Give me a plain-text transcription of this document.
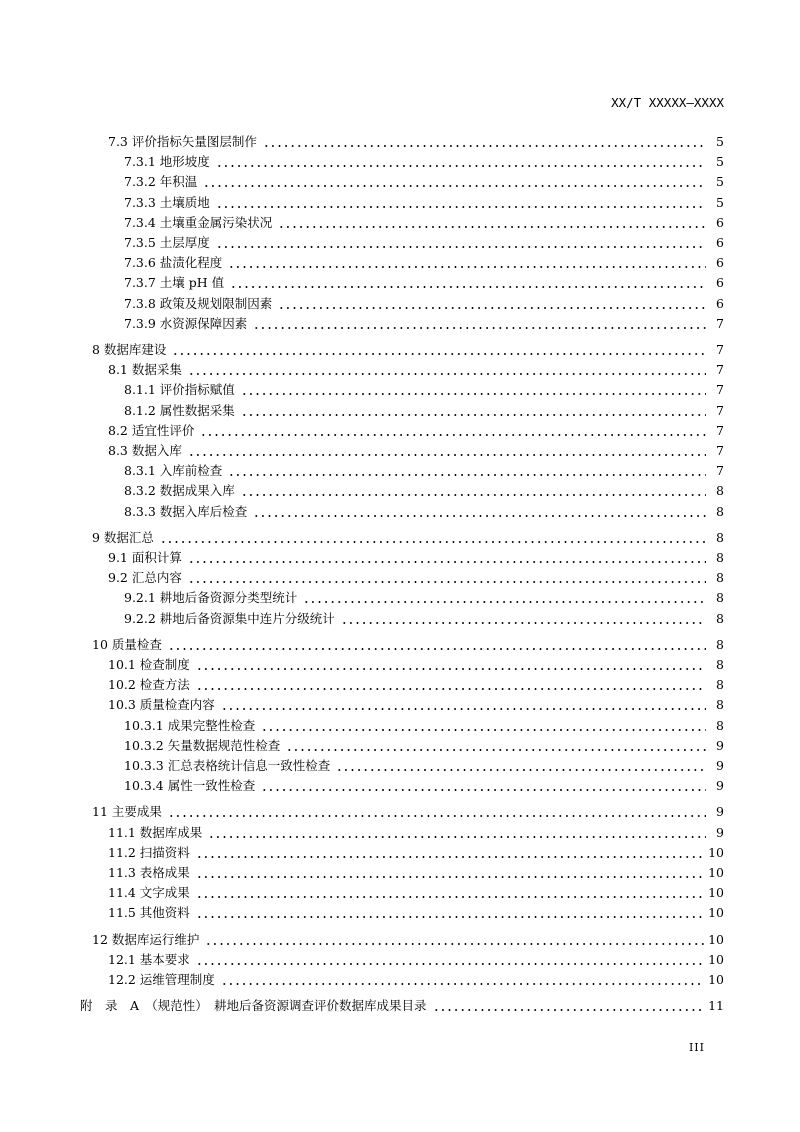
XX/T XXXXX—XXXX
7.3 评价指标矢量图层制作	5
7.3.1 地形坡度	5
7.3.2 年积温	5
7.3.3 土壤质地	5
7.3.4 土壤重金属污染状况	6
7.3.5 土层厚度	6
7.3.6 盐渍化程度	6
7.3.7 土壤 pH 值	6
7.3.8 政策及规划限制因素	6
7.3.9 水资源保障因素	7
8 数据库建设	7
8.1 数据采集	7
8.1.1 评价指标赋值	7
8.1.2 属性数据采集	7
8.2 适宜性评价	7
8.3 数据入库	7
8.3.1 入库前检查	7
8.3.2 数据成果入库	8
8.3.3 数据入库后检查	8
9 数据汇总	8
9.1 面积计算	8
9.2 汇总内容	8
9.2.1 耕地后备资源分类型统计	8
9.2.2 耕地后备资源集中连片分级统计	8
10 质量检查	8
10.1 检查制度	8
10.2 检查方法	8
10.3 质量检查内容	8
10.3.1 成果完整性检查	8
10.3.2 矢量数据规范性检查	9
10.3.3 汇总表格统计信息一致性检查	9
10.3.4 属性一致性检查	9
11 主要成果	9
11.1 数据库成果	9
11.2 扫描资料	10
11.3 表格成果	10
11.4 文字成果	10
11.5 其他资料	10
12 数据库运行维护	10
12.1 基本要求	10
12.2 运维管理制度	10
附　录　A　（规范性）　耕地后备资源调查评价数据库成果目录	11
III
